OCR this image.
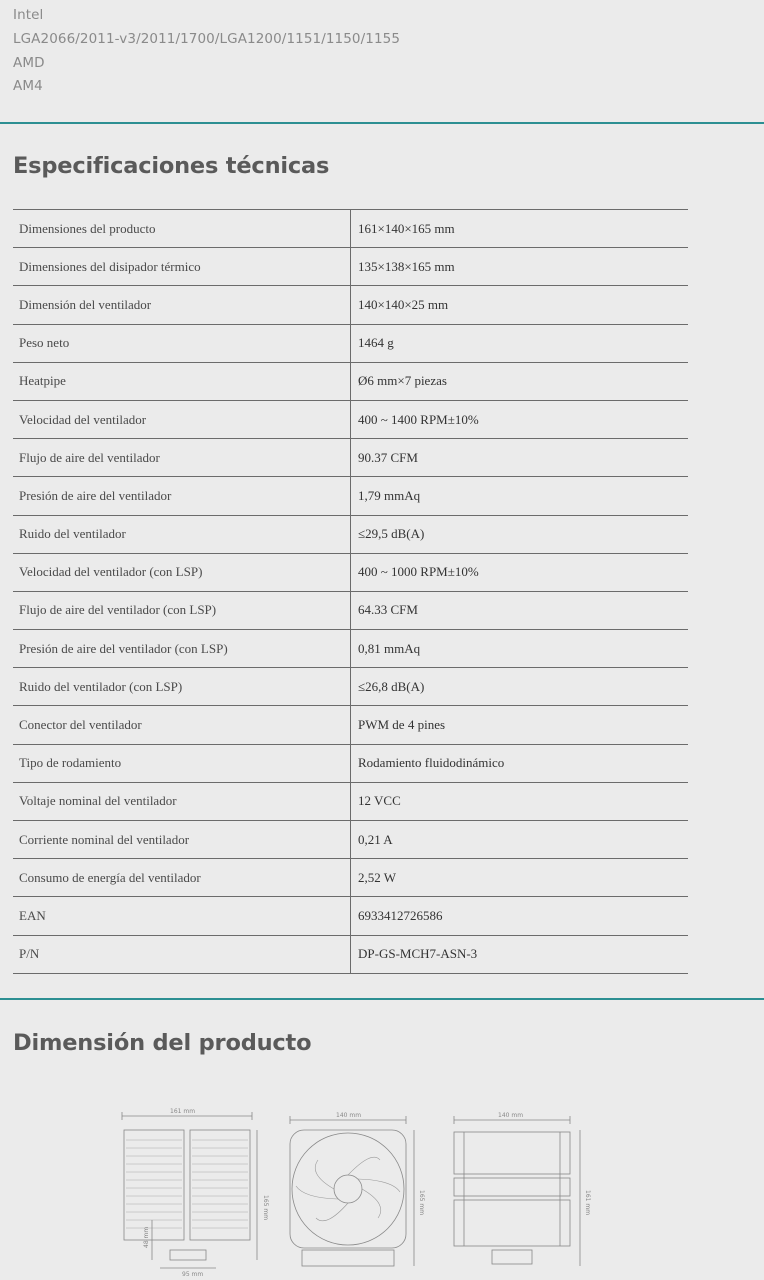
Intel
LGA2066/2011-v3/2011/1700/LGA1200/1151/1150/1155
AMD
AM4
Especificaciones técnicas
Dimensiones del producto	161×140×165 mm
Dimensiones del disipador térmico	135×138×165 mm
Dimensión del ventilador	140×140×25 mm
Peso neto	1464 g
Heatpipe	Ø6 mm×7 piezas
Velocidad del ventilador	400 ~ 1400 RPM±10%
Flujo de aire del ventilador	90.37 CFM
Presión de aire del ventilador	1,79 mmAq
Ruido del ventilador	≤29,5 dB(A)
Velocidad del ventilador (con LSP)	400 ~ 1000 RPM±10%
Flujo de aire del ventilador (con LSP)	64.33 CFM
Presión de aire del ventilador (con LSP)	0,81 mmAq
Ruido del ventilador (con LSP)	≤26,8 dB(A)
Conector del ventilador	PWM de 4 pines
Tipo de rodamiento	Rodamiento fluidodinámico
Voltaje nominal del ventilador	12 VCC
Corriente nominal del ventilador	0,21 A
Consumo de energía del ventilador	2,52 W
EAN	6933412726586
P/N	DP-GS-MCH7-ASN-3
Dimensión del producto
161 mm
165 mm
95 mm
48 mm
140 mm
165 mm
140 mm
161 mm
